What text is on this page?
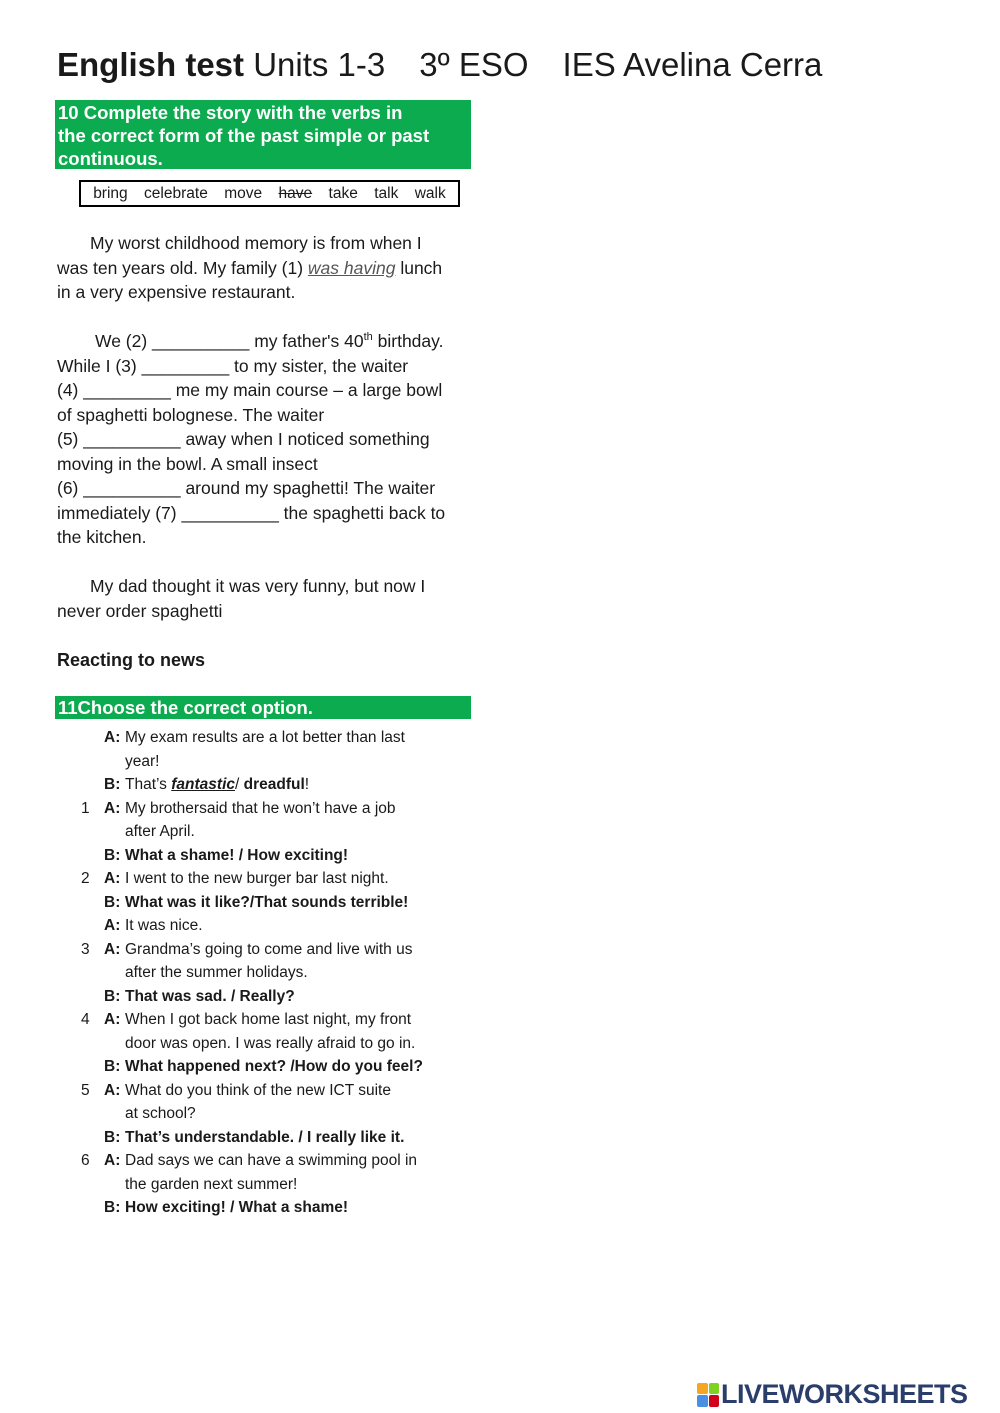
English test Units 1-3 3º ESO IES Avelina Cerra
10 Complete the story with the verbs in
the correct form of the past simple or past
continuous.
bring celebrate move have take talk walk
My worst childhood memory is from when I
was ten years old. My family (1) was having lunch
in a very expensive restaurant.
We (2) __________ my father's 40th birthday.
While I (3) _________ to my sister, the waiter
(4) _________ me my main course – a large bowl
of spaghetti bolognese. The waiter
(5) __________ away when I noticed something
moving in the bowl. A small insect
(6) __________ around my spaghetti! The waiter
immediately (7) __________ the spaghetti back to
the kitchen.
My dad thought it was very funny, but now I
never order spaghetti
Reacting to news
11Choose the correct option.
A: My exam results are a lot better than last
year!
B: That’s fantastic/ dreadful!
1 A: My brothersaid that he won’t have a job
after April.
B: What a shame! / How exciting!
2 A: I went to the new burger bar last night.
B: What was it like?/That sounds terrible!
A: It was nice.
3 A: Grandma’s going to come and live with us
after the summer holidays.
B: That was sad. / Really?
4 A: When I got back home last night, my front
door was open. I was really afraid to go in.
B: What happened next? /How do you feel?
5 A: What do you think of the new ICT suite
at school?
B: That’s understandable. / I really like it.
6 A: Dad says we can have a swimming pool in
the garden next summer!
B: How exciting! / What a shame!
LIVEWORKSHEETS
